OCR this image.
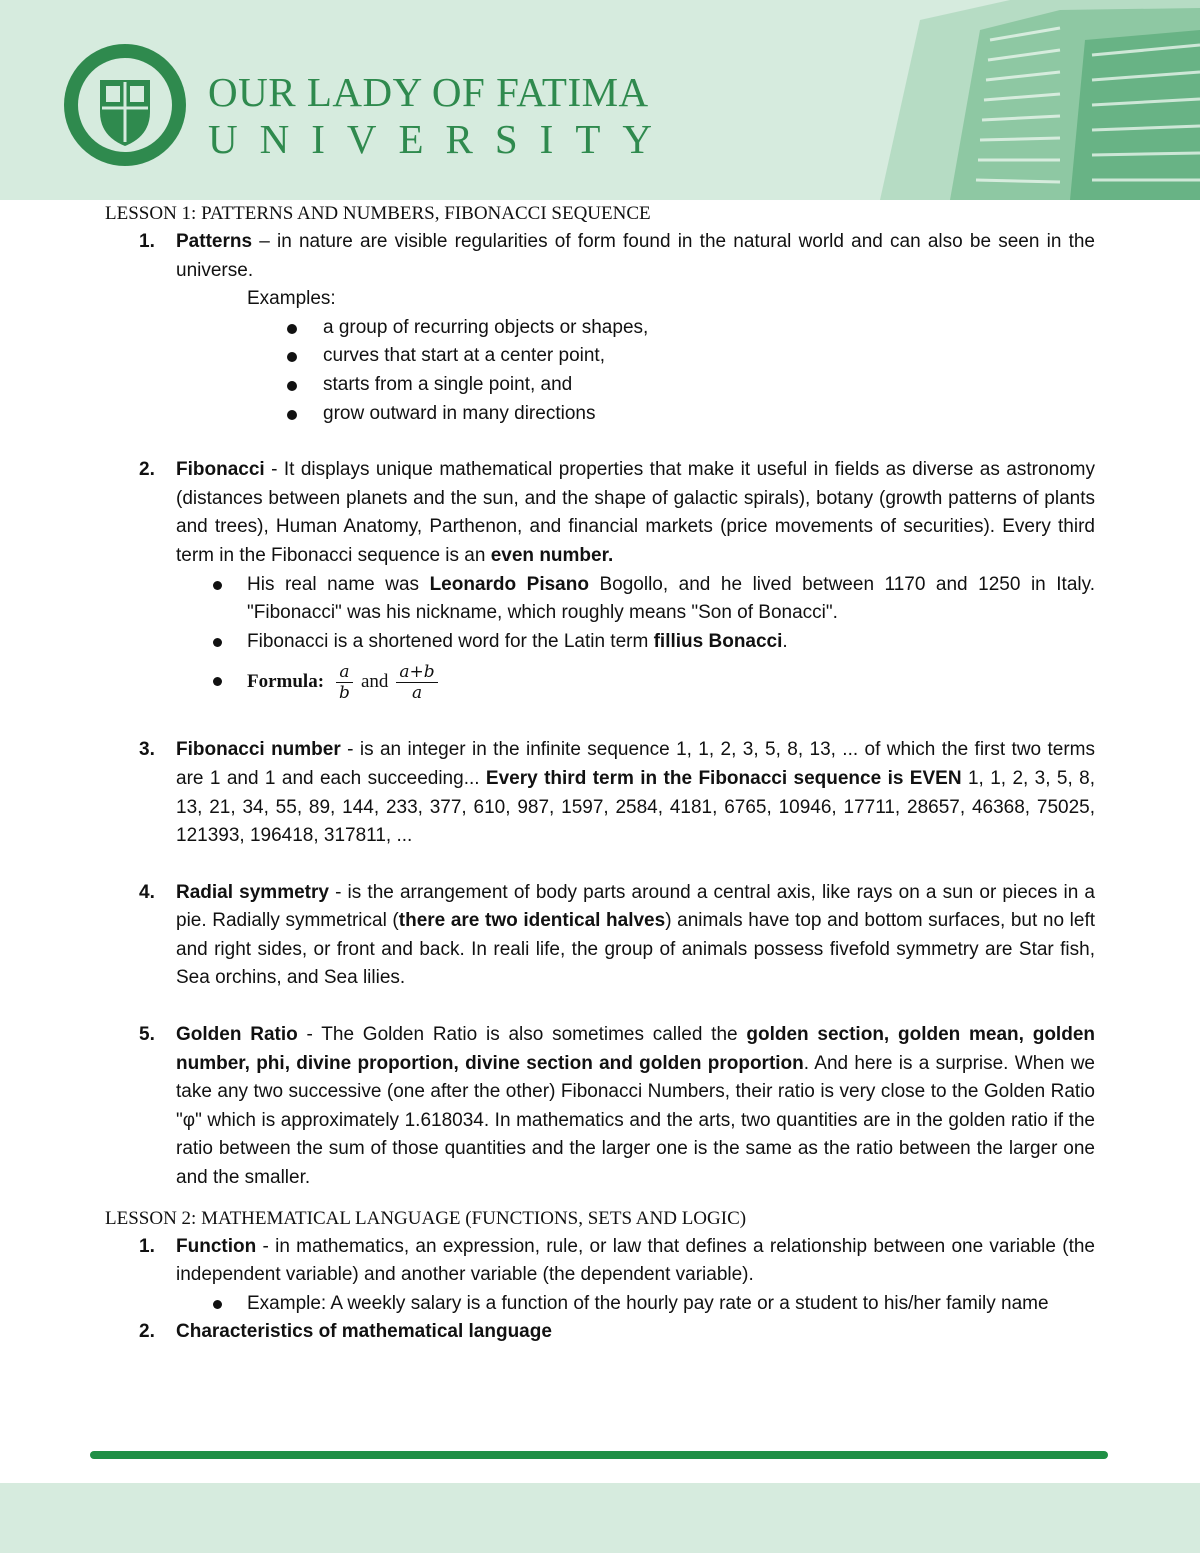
OUR LADY OF FATIMA
UNIVERSITY

LESSON 1: PATTERNS AND NUMBERS, FIBONACCI SEQUENCE

1. Patterns – in nature are visible regularities of form found in the natural world and can also be seen in the universe.
Examples:
a group of recurring objects or shapes,
curves that start at a center point,
starts from a single point, and
grow outward in many directions
2. Fibonacci - It displays unique mathematical properties that make it useful in fields as diverse as astronomy (distances between planets and the sun, and the shape of galactic spirals), botany (growth patterns of plants and trees), Human Anatomy, Parthenon, and financial markets (price movements of securities). Every third term in the Fibonacci sequence is an even number.
His real name was Leonardo Pisano Bogollo, and he lived between 1170 and 1250 in Italy. "Fibonacci" was his nickname, which roughly means "Son of Bonacci".
Fibonacci is a shortened word for the Latin term fillius Bonacci.
Formula: $\frac{a}{b}$ and $\frac{a+b}{a}$
3. Fibonacci number - is an integer in the infinite sequence 1, 1, 2, 3, 5, 8, 13, ... of which the first two terms are 1 and 1 and each succeeding... Every third term in the Fibonacci sequence is EVEN 1, 1, 2, 3, 5, 8, 13, 21, 34, 55, 89, 144, 233, 377, 610, 987, 1597, 2584, 4181, 6765, 10946, 17711, 28657, 46368, 75025, 121393, 196418, 317811, ...
4. Radial symmetry - is the arrangement of body parts around a central axis, like rays on a sun or pieces in a pie. Radially symmetrical (there are two identical halves) animals have top and bottom surfaces, but no left and right sides, or front and back. In reali life, the group of animals possess fivefold symmetry are Star fish, Sea orchins, and Sea lilies.
5. Golden Ratio - The Golden Ratio is also sometimes called the golden section, golden mean, golden number, phi, divine proportion, divine section and golden proportion. And here is a surprise. When we take any two successive (one after the other) Fibonacci Numbers, their ratio is very close to the Golden Ratio "φ" which is approximately 1.618034. In mathematics and the arts, two quantities are in the golden ratio if the ratio between the sum of those quantities and the larger one is the same as the ratio between the larger one and the smaller.

LESSON 2: MATHEMATICAL LANGUAGE (FUNCTIONS, SETS AND LOGIC)

1. Function - in mathematics, an expression, rule, or law that defines a relationship between one variable (the independent variable) and another variable (the dependent variable).
Example: A weekly salary is a function of the hourly pay rate or a student to his/her family name
2. Characteristics of mathematical language
